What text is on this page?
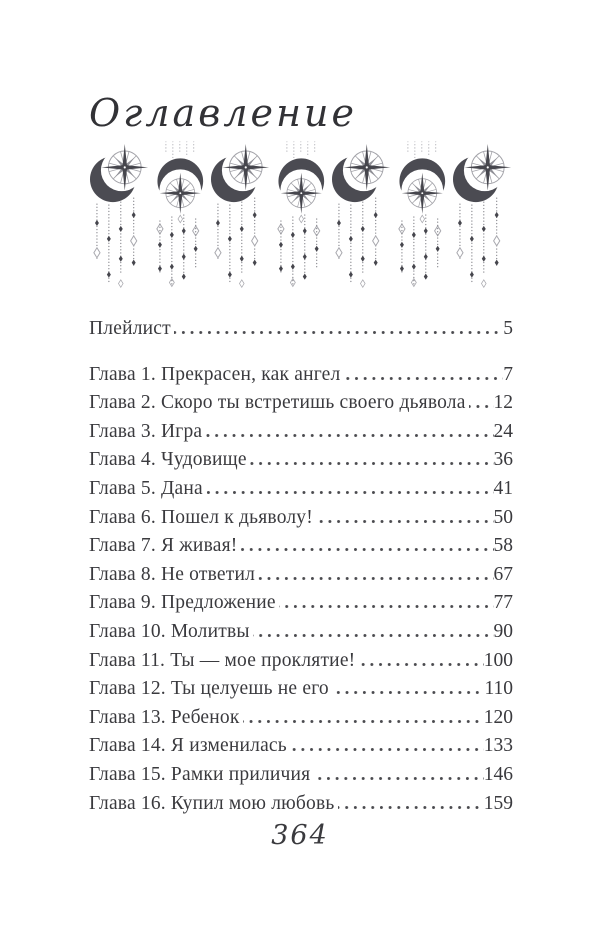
Оглавление
Плейлист	5
Глава 1. Прекрасен, как ангел	7
Глава 2. Скоро ты встретишь своего дьявола 12
Глава 3. Игра	24
Глава 4. Чудовище	36
Глава 5. Дана	41
Глава 6. Пошел к дьяволу!	50
Глава 7. Я живая!	58
Глава 8. Не ответил	67
Глава 9. Предложение	77
Глава 10. Молитвы	90
Глава 11. Ты — мое проклятие!	100
Глава 12. Ты целуешь не его	110
Глава 13. Ребенок	120
Глава 14. Я изменилась	133
Глава 15. Рамки приличия	146
Глава 16. Купил мою любовь	159
364
